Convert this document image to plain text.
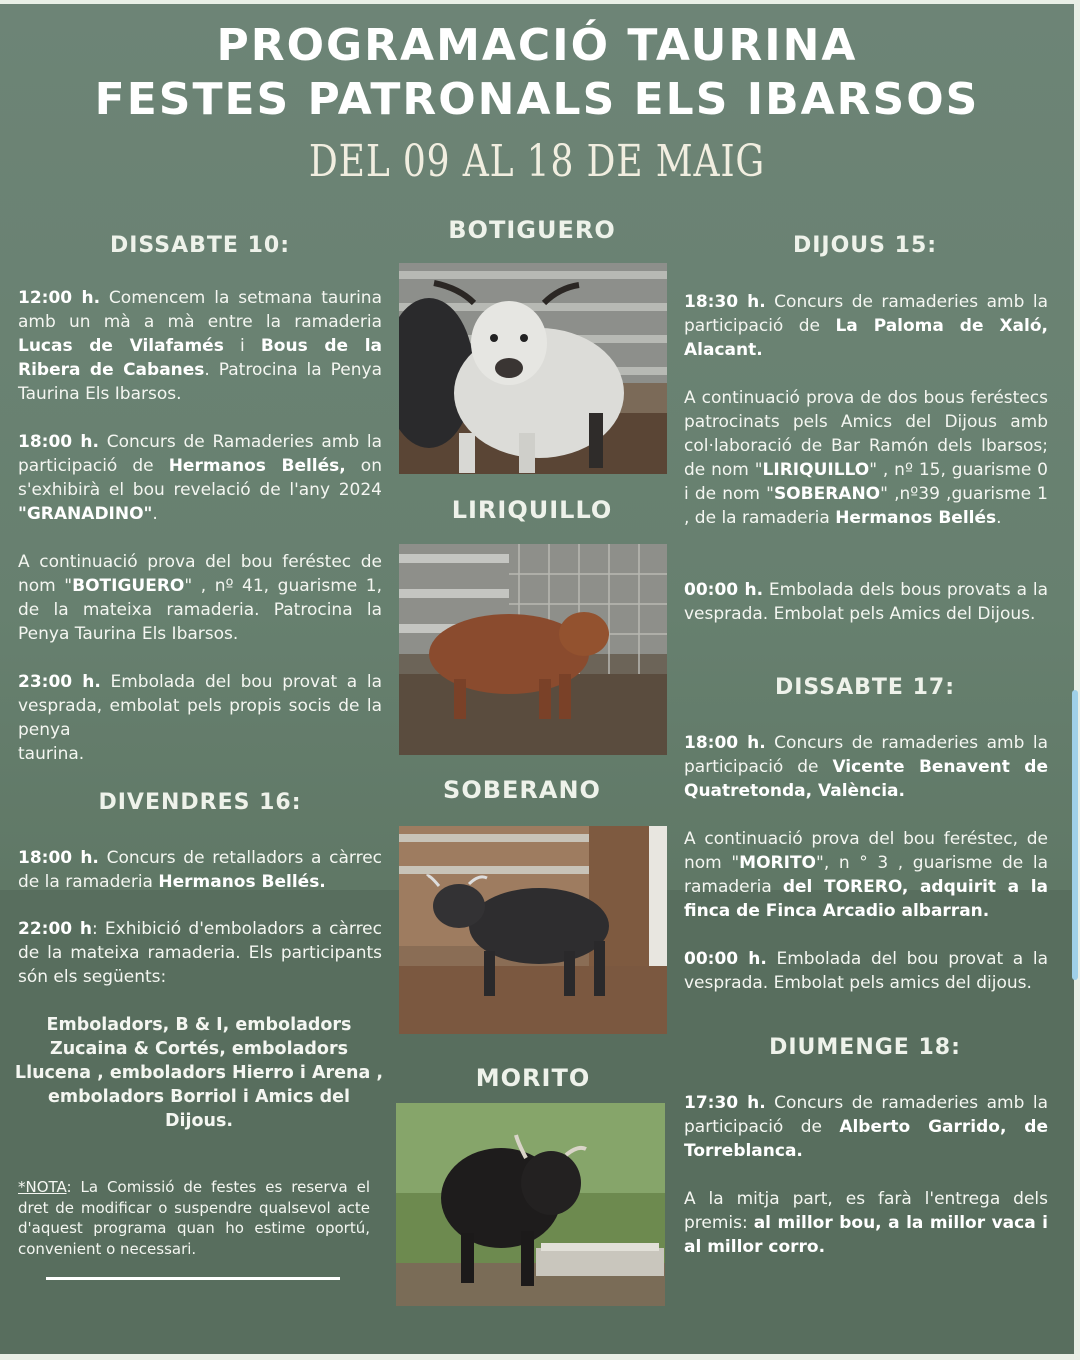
PROGRAMACIÓ TAURINA
FESTES PATRONALS ELS IBARSOS
DEL 09 AL 18 DE MAIG
DISSABTE 10:
12:00 h. Comencem la setmana taurina amb un mà a mà entre la ramaderia Lucas de Vilafamés i Bous de la Ribera de Cabanes. Patrocina la Penya Taurina Els Ibarsos.
18:00 h. Concurs de Ramaderies amb la participació de Hermanos Bellés, on s'exhibirà el bou revelació de l'any 2024 "GRANADINO".
A continuació prova del bou feréstec de nom "BOTIGUERO" , nº 41, guarisme 1, de la mateixa ramaderia. Patrocina la Penya Taurina Els Ibarsos.
23:00 h. Embolada del bou provat a la vesprada, embolat pels propis socis de la penya
taurina.
DIVENDRES 16:
18:00 h. Concurs de retalladors a càrrec de la ramaderia Hermanos Bellés.
22:00 h: Exhibició d'emboladors a càrrec de la mateixa ramaderia. Els participants són els següents:
Emboladors, B & I, emboladors
Zucaina & Cortés, emboladors
Llucena , emboladors Hierro i Arena ,
emboladors Borriol i Amics del Dijous.
*NOTA: La Comissió de festes es reserva el dret de modificar o suspendre qualsevol acte d'aquest programa quan ho estime oportú, convenient o necessari.
BOTIGUERO
LIRIQUILLO
SOBERANO
MORITO
DIJOUS 15:
18:30 h. Concurs de ramaderies amb la participació de La Paloma de Xaló, Alacant.
A continuació prova de dos bous feréstecs patrocinats pels Amics del Dijous amb col·laboració de Bar Ramón dels Ibarsos; de nom "LIRIQUILLO" , nº 15, guarisme 0 i de nom "SOBERANO" ,nº39 ,guarisme 1 , de la ramaderia Hermanos Bellés.
00:00 h. Embolada dels bous provats a la vesprada. Embolat pels Amics del Dijous.
DISSABTE 17:
18:00 h. Concurs de ramaderies amb la participació de Vicente Benavent de Quatretonda, València.
A continuació prova del bou feréstec, de nom "MORITO", n ° 3 , guarisme de la ramaderia del TORERO, adquirit a la finca de Finca Arcadio albarran.
00:00 h. Embolada del bou provat a la vesprada. Embolat pels amics del dijous.
DIUMENGE 18:
17:30 h. Concurs de ramaderies amb la participació de Alberto Garrido, de Torreblanca.
A la mitja part, es farà l'entrega dels premis: al millor bou, a la millor vaca i al millor corro.
